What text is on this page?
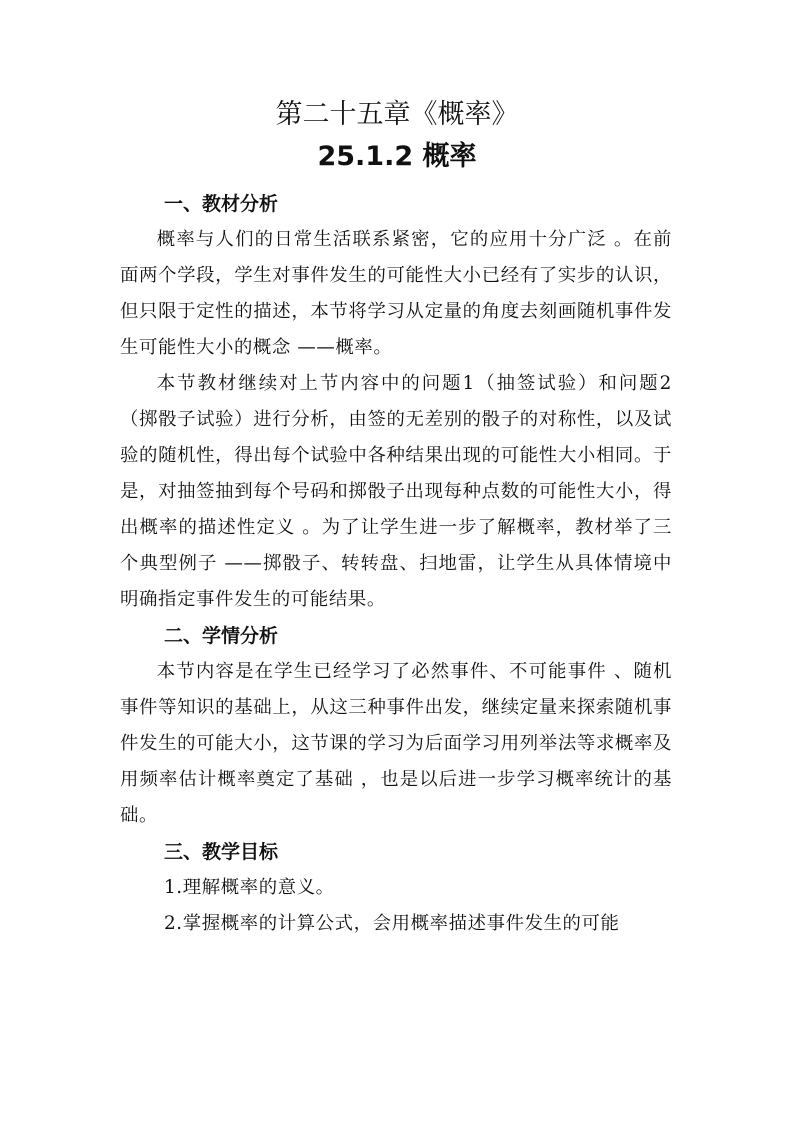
第二十五章《概率》
25.1.2 概率
一、教材分析

概率与人们的日常生活联系紧密，它的应用十分广泛 。在前面两个学段，学生对事件发生的可能性大小已经有了实步的认识，但只限于定性的描述，本节将学习从定量的角度去刻画随机事件发生可能性大小的概念 ——概率。

本节教材继续对上节内容中的问题1（抽签试验）和问题2（掷骰子试验）进行分析，由签的无差别的骰子的对称性，以及试验的随机性，得出每个试验中各种结果出现的可能性大小相同。于是，对抽签抽到每个号码和掷骰子出现每种点数的可能性大小，得出概率的描述性定义 。为了让学生进一步了解概率，教材举了三个典型例子 ——掷骰子、转转盘、扫地雷，让学生从具体情境中明确指定事件发生的可能结果。

二、学情分析

本节内容是在学生已经学习了必然事件、不可能事件 、随机事件等知识的基础上，从这三种事件出发，继续定量来探索随机事件发生的可能大小，这节课的学习为后面学习用列举法等求概率及用频率估计概率奠定了基础 ，也是以后进一步学习概率统计的基础。

三、教学目标

1.理解概率的意义。

2.掌握概率的计算公式，会用概率描述事件发生的可能
